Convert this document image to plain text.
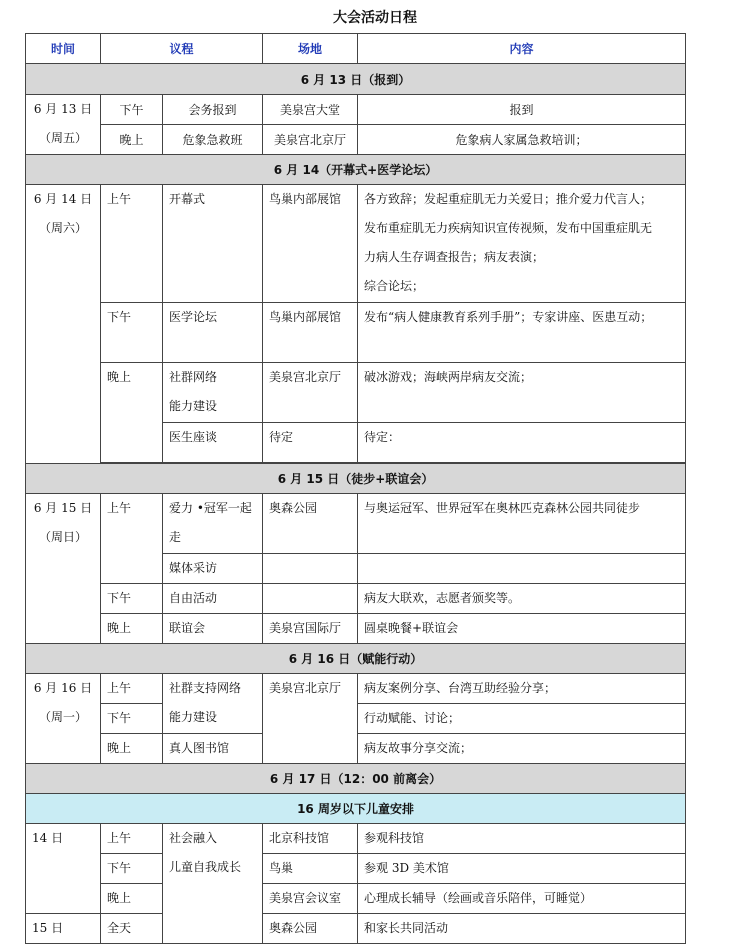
大会活动日程
时间	议程		场地	内容
6 月 13 日（报到）				

6 月 13 日
（周五）	下午	会务报到	美泉宫大堂	报到
	晚上	危象急救班	美泉宫北京厅	危象病人家属急救培训；
6 月 14（开幕式+医学论坛）				

6 月 14 日
（周六）	上午	开幕式	鸟巢内部展馆	各方致辞；发起重症肌无力关爱日；推介爱力代言人；
发布重症肌无力疾病知识宣传视频，发布中国重症肌无
力病人生存调查报告；病友表演；
综合论坛；

	下午	医学论坛	鸟巢内部展馆	发布“病人健康教育系列手册”；专家讲座、医患互动；

	晚上	社群网络
能力建设	美泉宫北京厅	破冰游戏；海峡两岸病友交流；

		医生座谈	待定	待定：

6 月 15 日（徒步+联谊会）				

6 月 15 日
（周日）	上午	爱力 •冠军一起
走	奥森公园	与奥运冠军、世界冠军在奥林匹克森林公园共同徒步

		媒体采访		

	下午	自由活动		病友大联欢，志愿者颁奖等。

	晚上	联谊会	美泉宫国际厅	圆桌晚餐+联谊会

6 月 16 日（赋能行动）				

6 月 16 日
（周一）	上午	社群支持网络
能力建设	美泉宫北京厅	病友案例分享、台湾互助经验分享；

	下午			行动赋能、讨论；

	晚上	真人图书馆		病友故事分享交流；

6 月 17 日（12：00 前离会）				
16 周岁以下儿童安排				

14 日	上午	社会融入
儿童自我成长	北京科技馆	参观科技馆

	下午		鸟巢	参观 3D 美术馆

	晚上		美泉宫会议室	心理成长辅导（绘画或音乐陪伴，可睡觉）

15 日	全天		奥森公园	和家长共同活动
